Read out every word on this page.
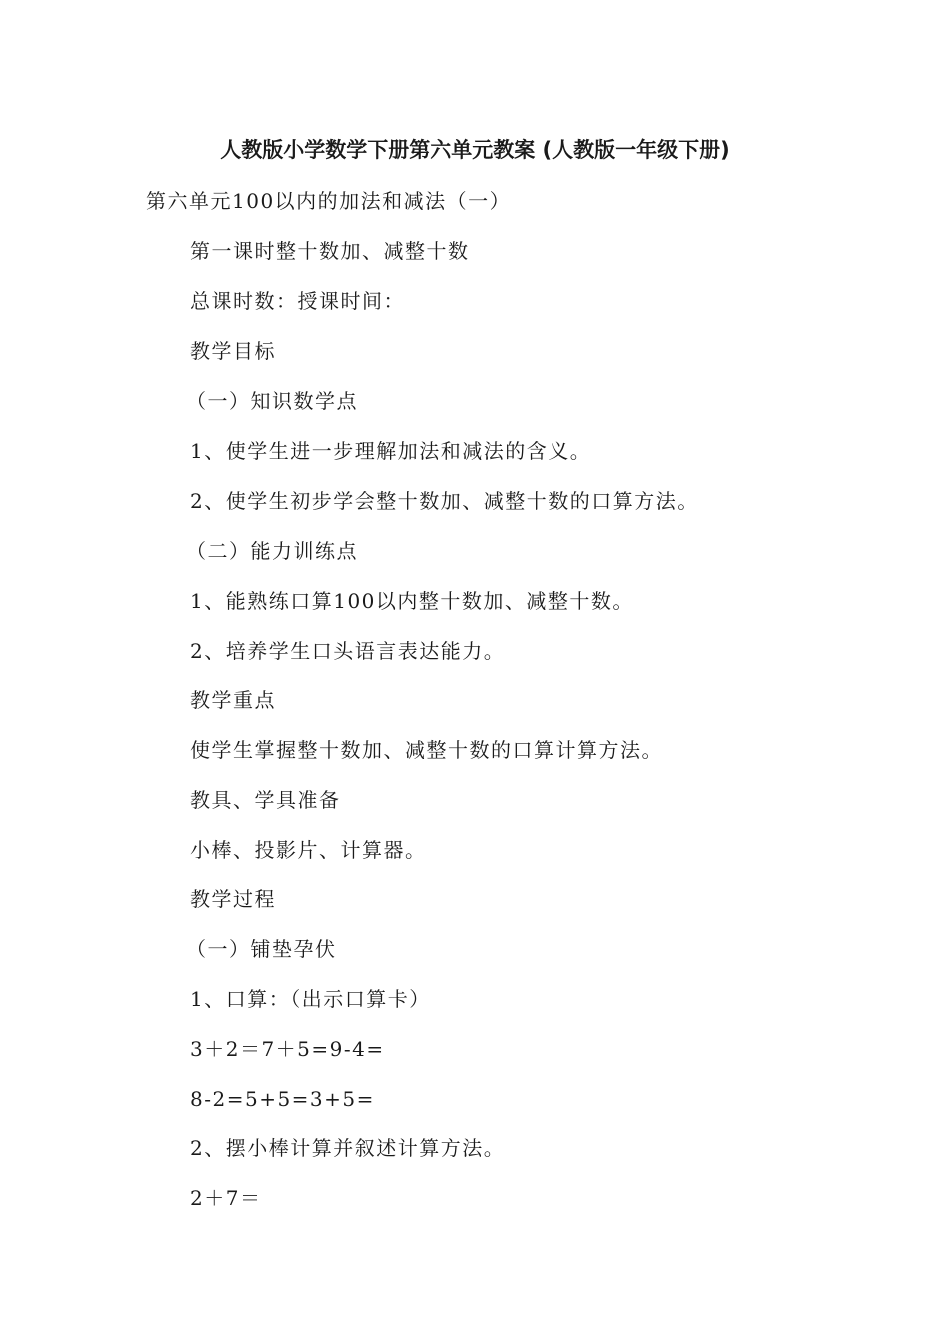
人教版小学数学下册第六单元教案 (人教版一年级下册)
第六单元100以内的加法和减法（一）
第一课时整十数加、减整十数
总课时数：授课时间：
教学目标
（一）知识数学点
1、使学生进一步理解加法和减法的含义。
2、使学生初步学会整十数加、减整十数的口算方法。
（二）能力训练点
1、能熟练口算100以内整十数加、减整十数。
2、培养学生口头语言表达能力。
教学重点
使学生掌握整十数加、减整十数的口算计算方法。
教具、学具准备
小棒、投影片、计算器。
教学过程
（一）铺垫孕伏
1、口算：（出示口算卡）
3＋2＝7＋5=9-4=
8-2=5+5=3+5=
2、摆小棒计算并叙述计算方法。
2＋7＝
